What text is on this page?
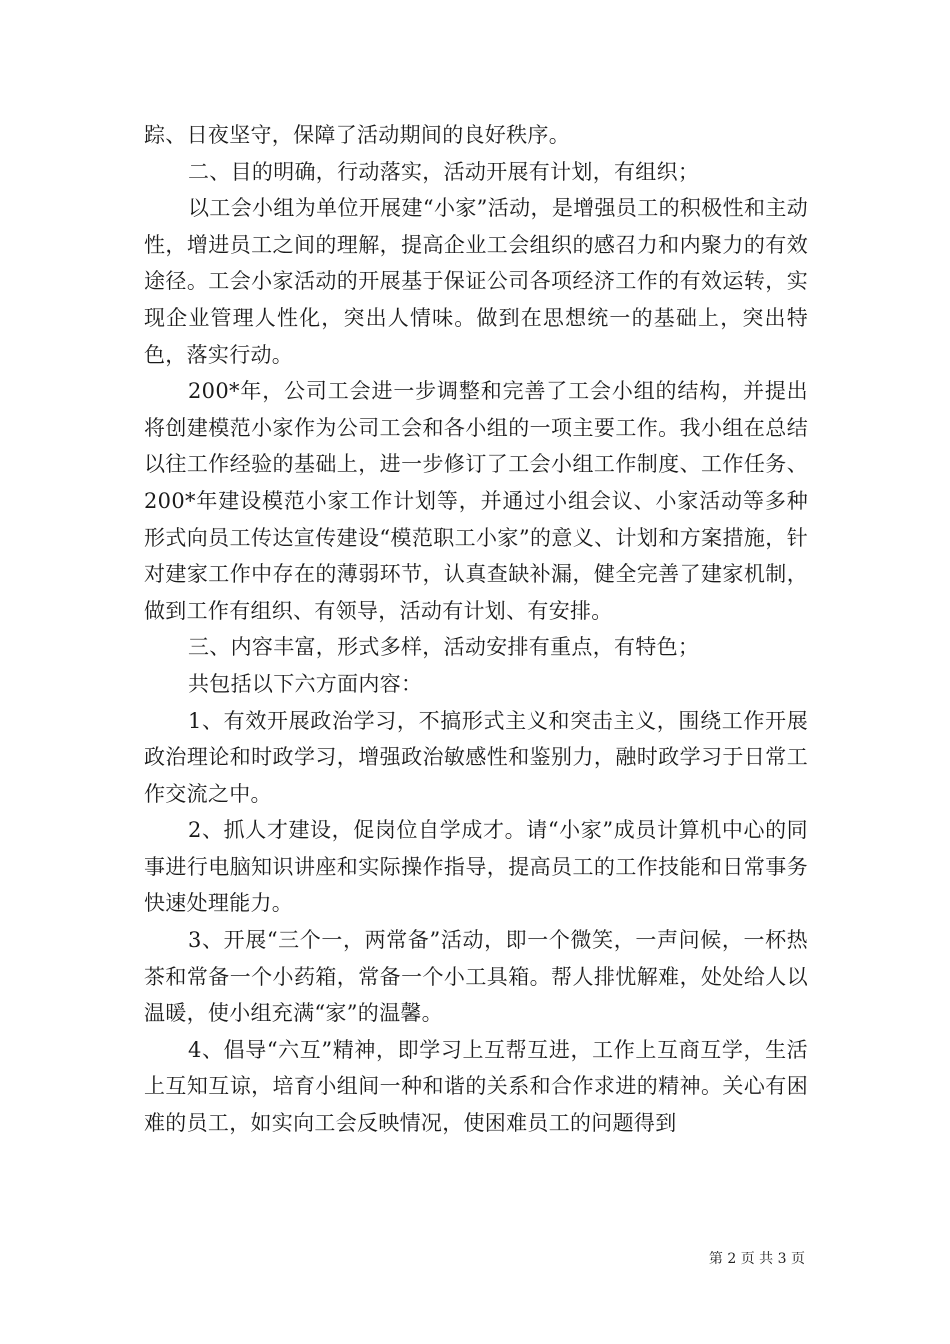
踪、日夜坚守，保障了活动期间的良好秩序。

二、目的明确，行动落实，活动开展有计划，有组织；

以工会小组为单位开展建“小家”活动，是增强员工的积极性和主动性，增进员工之间的理解，提高企业工会组织的感召力和内聚力的有效途径。工会小家活动的开展基于保证公司各项经济工作的有效运转，实现企业管理人性化，突出人情味。做到在思想统一的基础上，突出特色，落实行动。

200*年，公司工会进一步调整和完善了工会小组的结构，并提出将创建模范小家作为公司工会和各小组的一项主要工作。我小组在总结以往工作经验的基础上，进一步修订了工会小组工作制度、工作任务、200*年建设模范小家工作计划等，并通过小组会议、小家活动等多种形式向员工传达宣传建设“模范职工小家”的意义、计划和方案措施，针对建家工作中存在的薄弱环节，认真查缺补漏，健全完善了建家机制，做到工作有组织、有领导，活动有计划、有安排。

三、内容丰富，形式多样，活动安排有重点，有特色；

共包括以下六方面内容：

1、有效开展政治学习，不搞形式主义和突击主义，围绕工作开展政治理论和时政学习，增强政治敏感性和鉴别力，融时政学习于日常工作交流之中。

2、抓人才建设，促岗位自学成才。请“小家”成员计算机中心的同事进行电脑知识讲座和实际操作指导，提高员工的工作技能和日常事务快速处理能力。

3、开展“三个一，两常备”活动，即一个微笑，一声问候，一杯热茶和常备一个小药箱，常备一个小工具箱。帮人排忧解难，处处给人以温暖，使小组充满“家”的温馨。

4、倡导“六互”精神，即学习上互帮互进，工作上互商互学，生活上互知互谅，培育小组间一种和谐的关系和合作求进的精神。关心有困难的员工，如实向工会反映情况，使困难员工的问题得到

第 2 页 共 3 页
